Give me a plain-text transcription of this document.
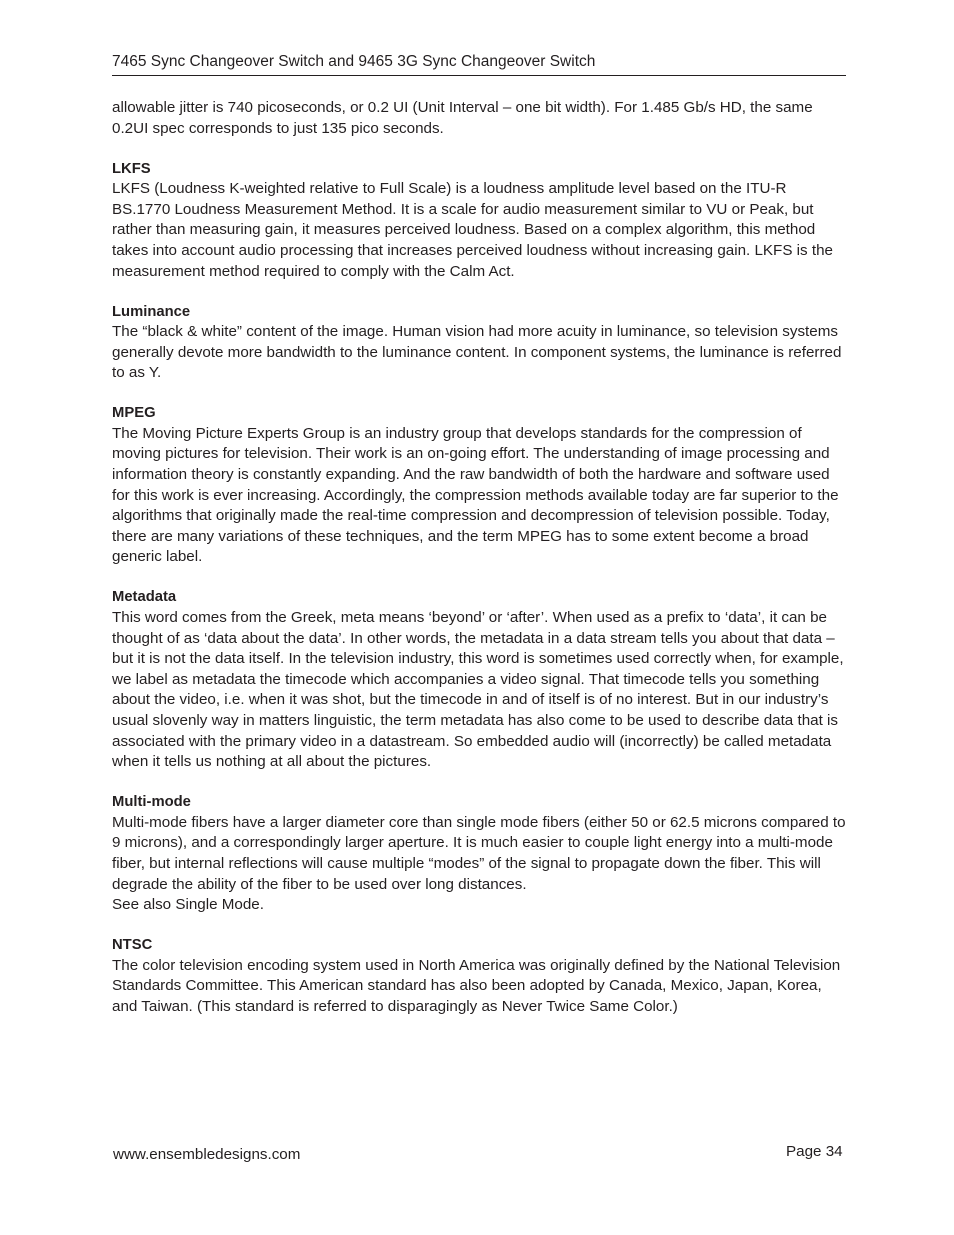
7465 Sync Changeover Switch and 9465 3G Sync Changeover Switch

allowable jitter is 740 picoseconds, or 0.2 UI (Unit Interval – one bit width). For 1.485 Gb/s HD, the same 0.2UI spec corresponds to just 135 pico seconds.

LKFS

LKFS (Loudness K-weighted relative to Full Scale) is a loudness amplitude level based on the ITU-R BS.1770 Loudness Measurement Method. It is a scale for audio measurement similar to VU or Peak, but rather than measuring gain, it measures perceived loudness. Based on a complex algorithm, this method takes into account audio processing that increases perceived loudness without increasing gain. LKFS is the measurement method required to comply with the Calm Act.

Luminance

The “black & white” content of the image. Human vision had more acuity in luminance, so television systems generally devote more bandwidth to the luminance content. In component systems, the luminance is referred to as Y.

MPEG

The Moving Picture Experts Group is an industry group that develops standards for the compression of moving pictures for television. Their work is an on-going effort. The understanding of image processing and information theory is constantly expanding. And the raw bandwidth of both the hardware and software used for this work is ever increasing. Accordingly, the compression methods available today are far superior to the algorithms that originally made the real-time compression and decompression of television possible. Today, there are many variations of these techniques, and the term MPEG has to some extent become a broad generic label.

Metadata

This word comes from the Greek, meta means ‘beyond’ or ‘after’. When used as a prefix to ‘data’, it can be thought of as ‘data about the data’. In other words, the metadata in a data stream tells you about that data – but it is not the data itself. In the television industry, this word is sometimes used correctly when, for example, we label as metadata the timecode which accompanies a video signal. That timecode tells you something about the video, i.e. when it was shot, but the timecode in and of itself is of no interest. But in our industry’s usual slovenly way in matters linguistic, the term metadata has also come to be used to describe data that is associated with the primary video in a datastream. So embedded audio will (incorrectly) be called metadata when it tells us nothing at all about the pictures.

Multi-mode

Multi-mode fibers have a larger diameter core than single mode fibers (either 50 or 62.5 microns compared to 9 microns), and a correspondingly larger aperture. It is much easier to couple light energy into a multi-mode fiber, but internal reflections will cause multiple “modes” of the signal to propagate down the fiber. This will degrade the ability of the fiber to be used over long distances.

See also Single Mode.

NTSC

The color television encoding system used in North America was originally defined by the National Television Standards Committee. This American standard has also been adopted by Canada, Mexico, Japan, Korea, and Taiwan. (This standard is referred to disparagingly as Never Twice Same Color.)

www.ensembledesigns.com	Page 34
